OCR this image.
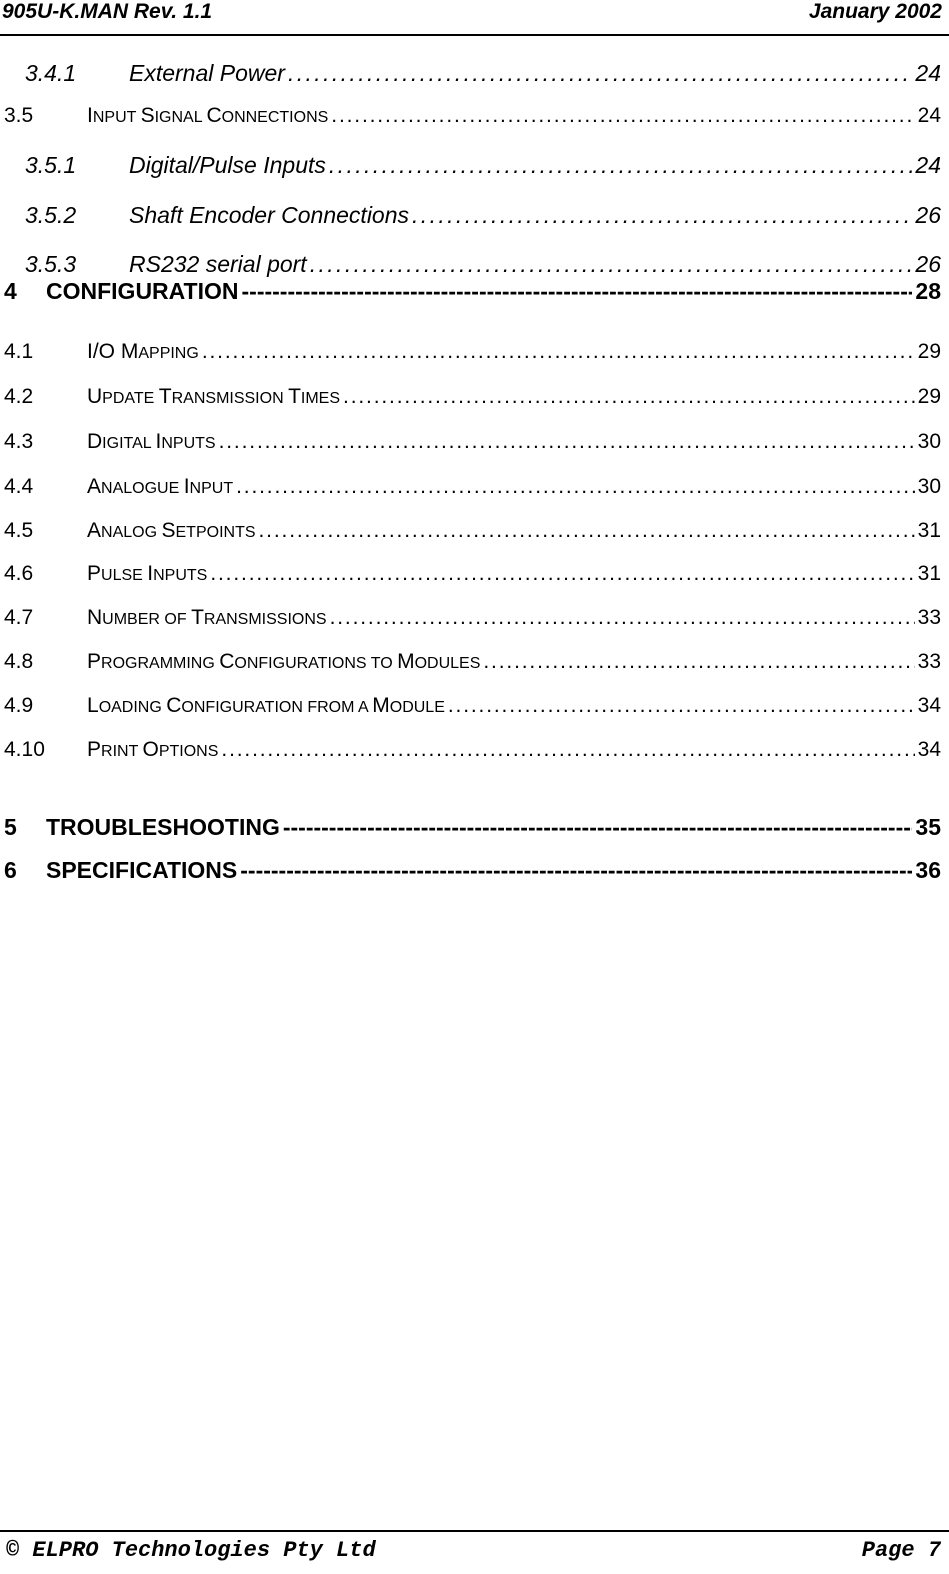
905U-K.MAN Rev. 1.1	January 2002
3.4.1	External Power . . .	24
3.5	INPUT SIGNAL CONNECTIONS . . .	24
3.5.1	Digital/Pulse Inputs . . .	24
3.5.2	Shaft Encoder Connections . . .	26
3.5.3	RS232 serial port . . .	26
4	CONFIGURATION -----	28
4.1	I/O MAPPING . . .	29
4.2	UPDATE TRANSMISSION TIMES . . .	29
4.3	DIGITAL INPUTS . . .	30
4.4	ANALOGUE INPUT . . .	30
4.5	ANALOG SETPOINTS . . .	31
4.6	PULSE INPUTS . . .	31
4.7	NUMBER OF TRANSMISSIONS . . .	33
4.8	PROGRAMMING CONFIGURATIONS TO MODULES . . .	33
4.9	LOADING CONFIGURATION FROM A MODULE . . .	34
4.10	PRINT OPTIONS . . .	34
5	TROUBLESHOOTING -----	35
6	SPECIFICATIONS -----	36
© ELPRO Technologies Pty Ltd	Page 7
